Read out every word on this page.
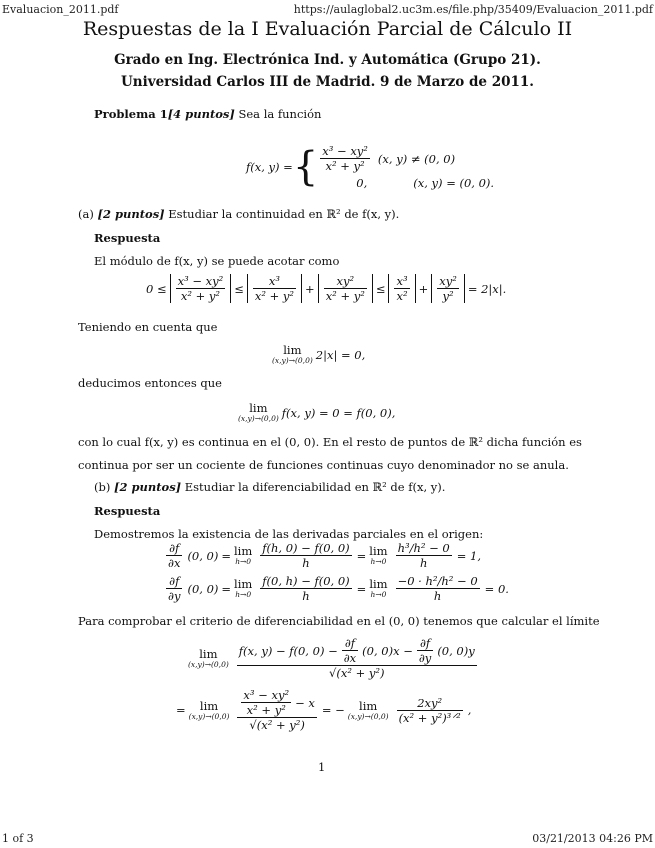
Evaluacion_2011.pdf	https://aulaglobal2.uc3m.es/file.php/35409/Evaluacion_2011.pdf
1 of 3	03/21/2013 04:26 PM
Respuestas de la I Evaluación Parcial de Cálculo II
Grado en Ing. Electrónica Ind. y Automática (Grupo 21).
Universidad Carlos III de Madrid. 9 de Marzo de 2011.
Problema 1[4 puntos] Sea la función
f(x, y) = { $\frac{\text{x³ − xy²}}{\text{x² + y²}} (x$, y) ≠ (0, 0)
0,	(x, y) = (0, 0).
(a) [2 puntos] Estudiar la continuidad en ℝ² de f(x, y).
Respuesta
El módulo de f(x, y) se puede acotar como
$0 \le \frac{\text{x³ − xy²}}{\text{x² + y²}} \le \frac{\text{x³}}{\text{x² + y²}} + \frac{\text{xy²}}{\text{x² + y²}} \le \frac{\text{x³}}{\text{x²}} + \frac{\text{xy²}}{\text{y²}} = 2|x|$.
Teniendo en cuenta que
lim
(x,y)→(0,0) 2|x| = 0,
deducimos entonces que
lim
(x,y)→(0,0) f(x, y) = 0 = f(0, 0),
con lo cual f(x, y) es continua en el (0, 0). En el resto de puntos de ℝ² dicha función es
continua por ser un cociente de funciones continuas cuyo denominador no se anula.
(b) [2 puntos] Estudiar la diferenciabilidad en ℝ² de f(x, y).
Respuesta
Demostremos la existencia de las derivadas parciales en el origen:
$\frac{\partial f}{\partial x} (0$, 0) = lim
$h\to 0 \frac{f(h, 0) - f(0, 0)}{h} = \lim$
$h\to 0 \frac{\text{h³/h² − 0}}{h} = 1$,
$\frac{\partial f}{\partial y} (0$, 0) = lim
$h\to 0 \frac{f(0, h) - f(0, 0)}{h} = \lim$
$h\to 0 \frac{\text{−0 · h²/h² − 0}}{h} = 0$.
Para comprobar el criterio de diferenciabilidad en el (0, 0) tenemos que calcular el límite
lim
(x,y)→(0,0)
f(x, y) − f(0, $0) - \frac{\partial f}{\partial x} (0$, $0)x - \frac{\partial f}{\partial y} (0$, 0)y
√(x² + y²)
=	lim
$(x,y)\to(0,0) \frac{\frac{\text{x³ − xy²}}{\text{x² + y²}} - x}{\text{√(x² + y²)}}$ = −	lim
$(x,y)\to(0,0) \frac{\text{2xy²}}{\text{(x² + y²)³ᐟ²}}$ ,
1
